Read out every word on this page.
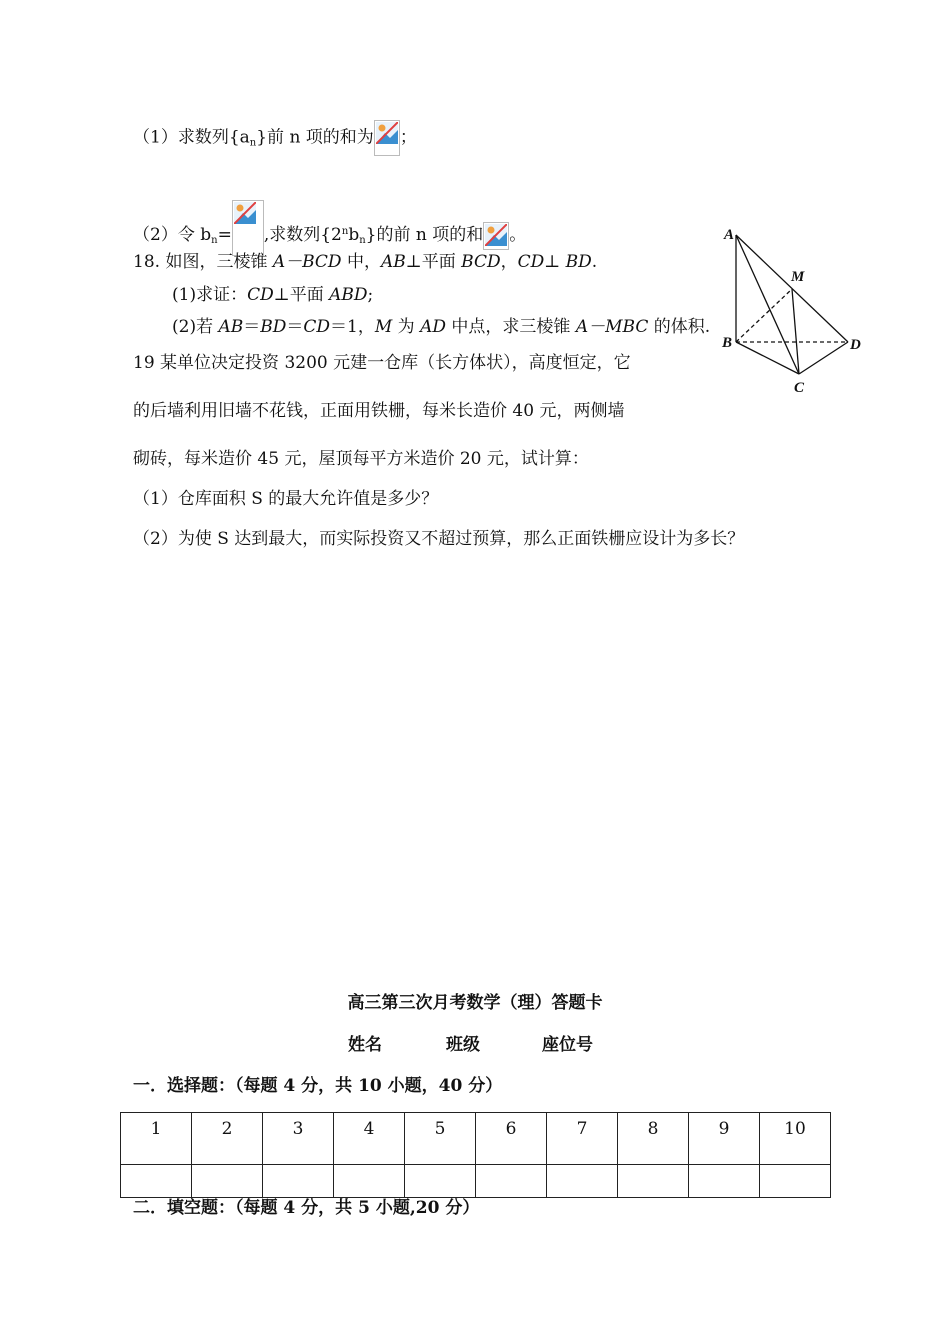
（1）求数列$\{a_n\}$前 n 项的和为 ；
（2）令 $b_n=$ ,求数列$\{2^nb_n\}$的前 n 项的和 。
18. 如图，三棱锥 A－BCD 中，AB⊥平面 BCD，CD⊥ BD.
(1)求证：CD⊥平面 ABD;
(2)若 AB＝BD＝CD＝1，M 为 AD 中点，求三棱锥 A－MBC 的体积.
A
M
B	D
C
19 某单位决定投资 3200 元建一仓库（长方体状），高度恒定，它
的后墙利用旧墙不花钱，正面用铁栅，每米长造价 40 元，两侧墙
砌砖，每米造价 45 元，屋顶每平方米造价 20 元，试计算：
（1）仓库面积 S 的最大允许值是多少？
（2）为使 S 达到最大，而实际投资又不超过预算，那么正面铁栅应设计为多长？
高三第三次月考数学（理）答题卡
姓名	班级	座位号
一．选择题：（每题 4 分，共 10 小题，40 分）
1	2	3	4	5	6	7	8	9	10

二．填空题：（每题 4 分，共 5 小题,20 分）
